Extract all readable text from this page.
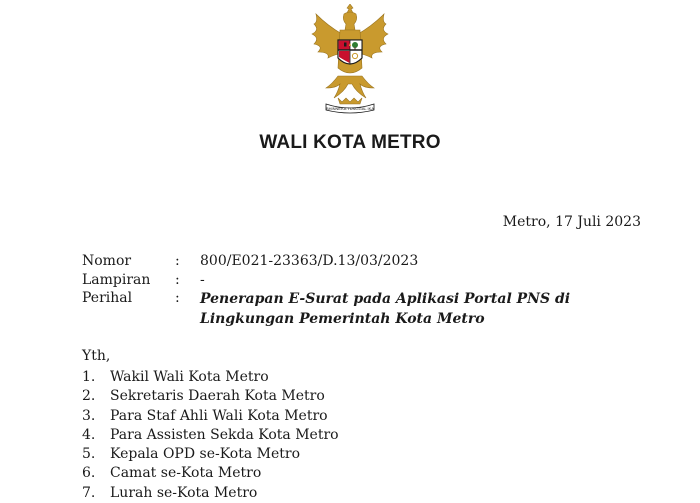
BHINNEKA TUNGGAL IKA
WALI KOTA METRO
Metro, 17 Juli 2023
Nomor	:	800/E021-23363/D.13/03/2023
Lampiran	:	-
Perihal	:	Penerapan E-Surat pada Aplikasi Portal PNS di
Lingkungan Pemerintah Kota Metro
Yth,
1.	Wakil Wali Kota Metro
2.	Sekretaris Daerah Kota Metro
3.	Para Staf Ahli Wali Kota Metro
4.	Para Assisten Sekda Kota Metro
5.	Kepala OPD se-Kota Metro
6.	Camat se-Kota Metro
7.	Lurah se-Kota Metro
